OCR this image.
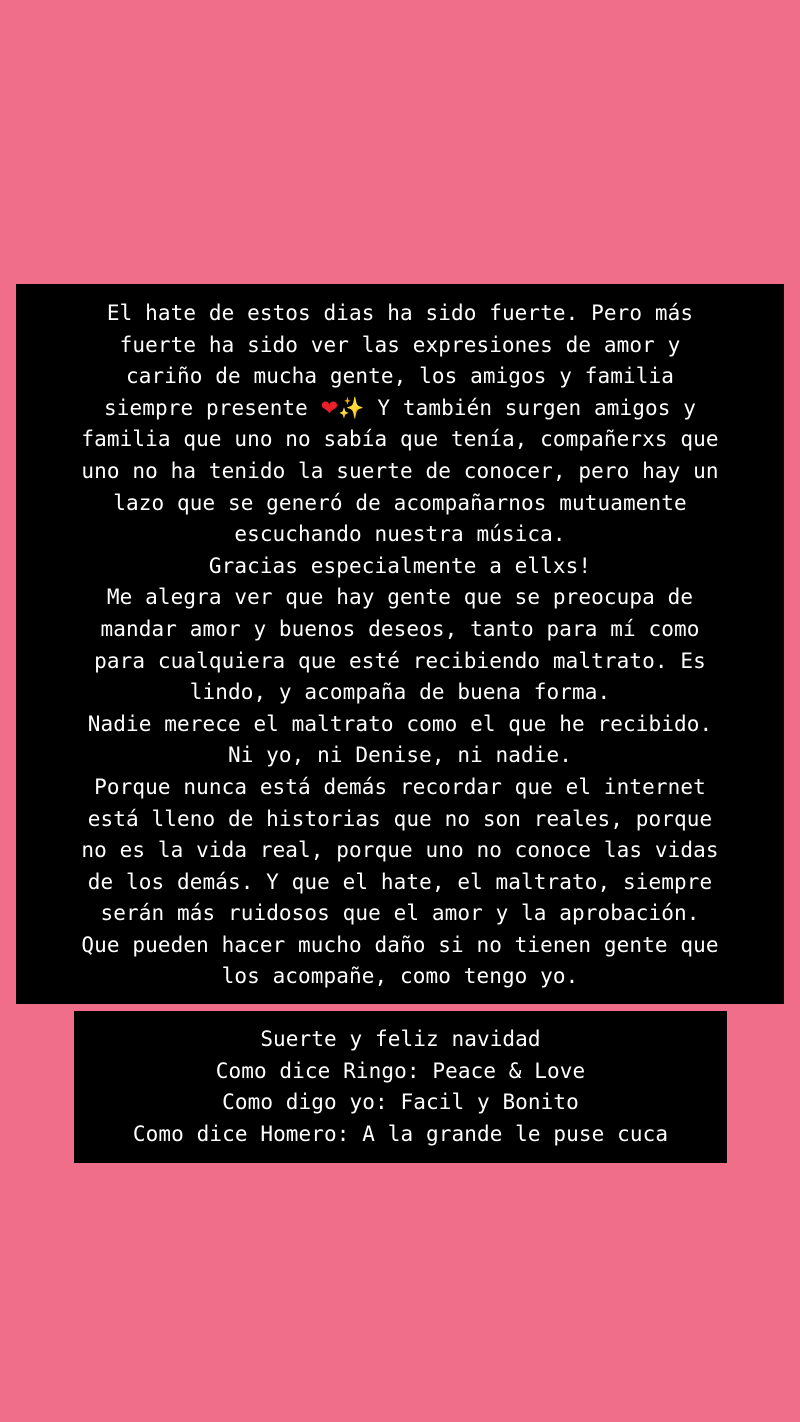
El hate de estos dias ha sido fuerte. Pero más
fuerte ha sido ver las expresiones de amor y
cariño de mucha gente, los amigos y familia
siempre presente ❤✨ Y también surgen amigos y
familia que uno no sabía que tenía, compañerxs que
uno no ha tenido la suerte de conocer, pero hay un
lazo que se generó de acompañarnos mutuamente
escuchando nuestra música.
Gracias especialmente a ellxs!
Me alegra ver que hay gente que se preocupa de
mandar amor y buenos deseos, tanto para mí como
para cualquiera que esté recibiendo maltrato. Es
lindo, y acompaña de buena forma.
Nadie merece el maltrato como el que he recibido.
Ni yo, ni Denise, ni nadie.
Porque nunca está demás recordar que el internet
está lleno de historias que no son reales, porque
no es la vida real, porque uno no conoce las vidas
de los demás. Y que el hate, el maltrato, siempre
serán más ruidosos que el amor y la aprobación.
Que pueden hacer mucho daño si no tienen gente que
los acompañe, como tengo yo.
Suerte y feliz navidad
Como dice Ringo: Peace & Love
Como digo yo: Facil y Bonito
Como dice Homero: A la grande le puse cuca
